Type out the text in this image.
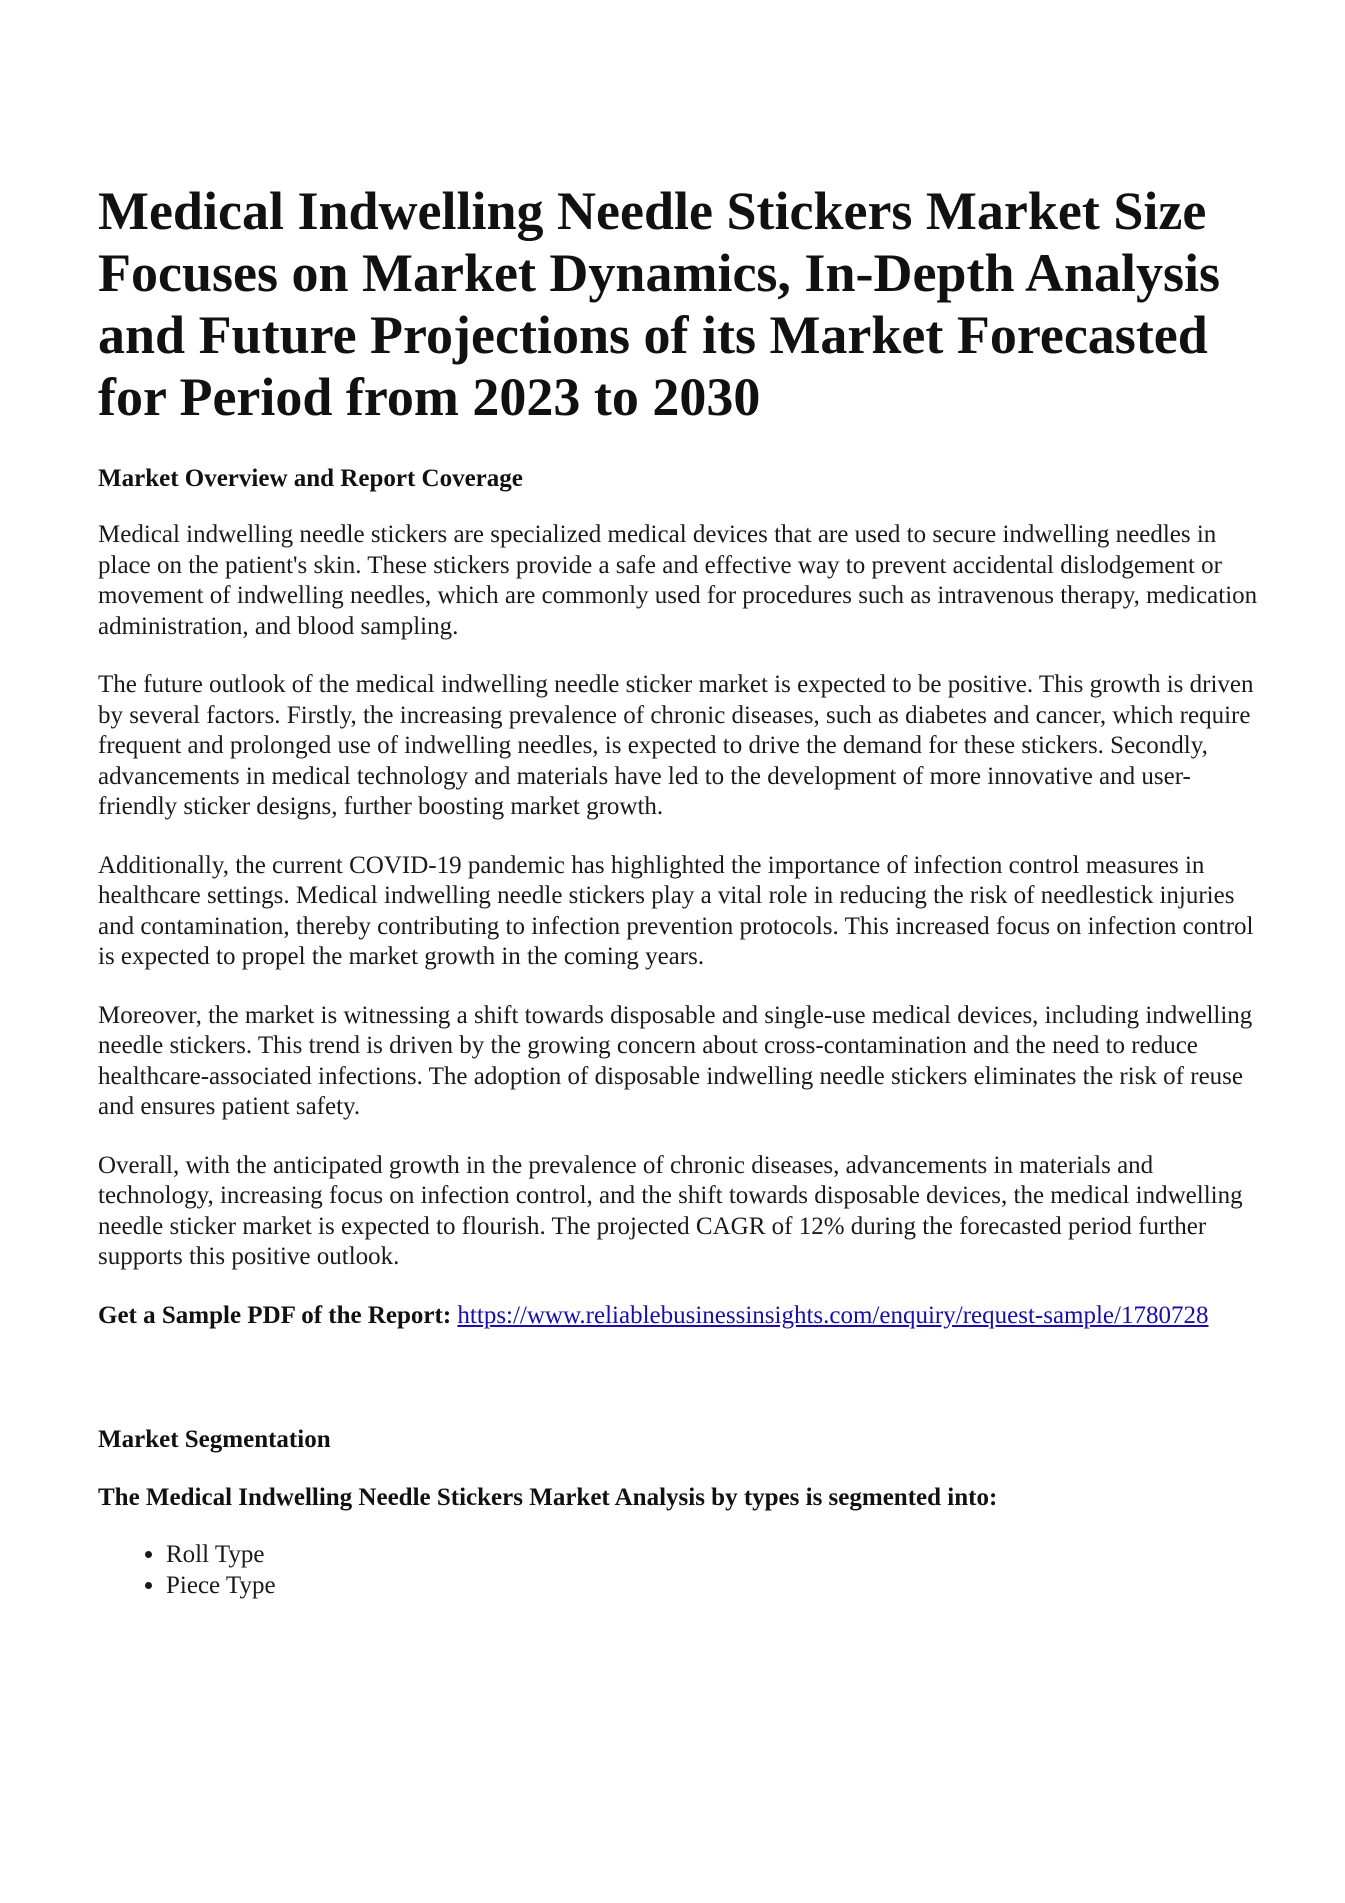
Medical Indwelling Needle Stickers Market Size Focuses on Market Dynamics, In-Depth Analysis and Future Projections of its Market Forecasted for Period from 2023 to 2030
Market Overview and Report Coverage

Medical indwelling needle stickers are specialized medical devices that are used to secure indwelling needles in place on the patient's skin. These stickers provide a safe and effective way to prevent accidental dislodgement or movement of indwelling needles, which are commonly used for procedures such as intravenous therapy, medication administration, and blood sampling.

The future outlook of the medical indwelling needle sticker market is expected to be positive. This growth is driven by several factors. Firstly, the increasing prevalence of chronic diseases, such as diabetes and cancer, which require frequent and prolonged use of indwelling needles, is expected to drive the demand for these stickers. Secondly, advancements in medical technology and materials have led to the development of more innovative and user-friendly sticker designs, further boosting market growth.

Additionally, the current COVID-19 pandemic has highlighted the importance of infection control measures in healthcare settings. Medical indwelling needle stickers play a vital role in reducing the risk of needlestick injuries and contamination, thereby contributing to infection prevention protocols. This increased focus on infection control is expected to propel the market growth in the coming years.

Moreover, the market is witnessing a shift towards disposable and single-use medical devices, including indwelling needle stickers. This trend is driven by the growing concern about cross-contamination and the need to reduce healthcare-associated infections. The adoption of disposable indwelling needle stickers eliminates the risk of reuse and ensures patient safety.

Overall, with the anticipated growth in the prevalence of chronic diseases, advancements in materials and technology, increasing focus on infection control, and the shift towards disposable devices, the medical indwelling needle sticker market is expected to flourish. The projected CAGR of 12% during the forecasted period further supports this positive outlook.

Get a Sample PDF of the Report: https://www.reliablebusinessinsights.com/enquiry/request-sample/1780728
Market Segmentation
The Medical Indwelling Needle Stickers Market Analysis by types is segmented into:
• Roll Type
• Piece Type
